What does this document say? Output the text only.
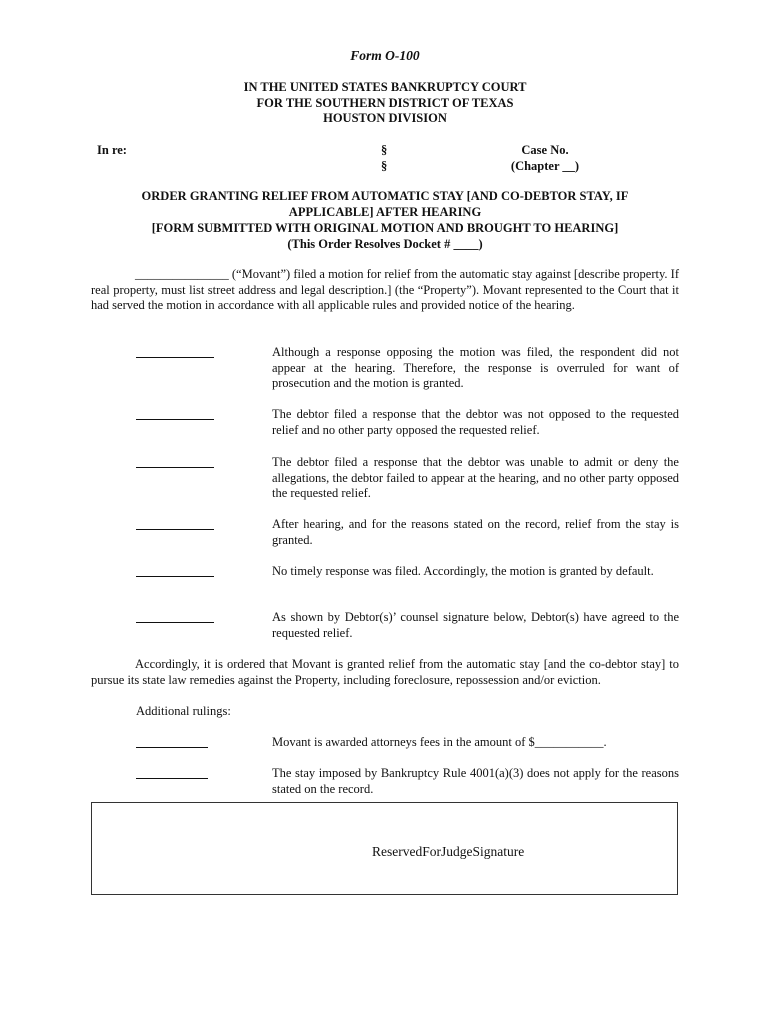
Form O-100
IN THE UNITED STATES BANKRUPTCY COURT
FOR THE SOUTHERN DISTRICT OF TEXAS
HOUSTON DIVISION
In re:	§
§
Case No.
(Chapter __)
ORDER GRANTING RELIEF FROM AUTOMATIC STAY [AND CO-DEBTOR STAY, IF
APPLICABLE] AFTER HEARING
[FORM SUBMITTED WITH ORIGINAL MOTION AND BROUGHT TO HEARING]
(This Order Resolves Docket # ____)
_______________ (“Movant”) filed a motion for relief from the automatic stay against [describe property. If real property, must list street address and legal description.] (the “Property”). Movant represented to the Court that it had served the motion in accordance with all applicable rules and provided notice of the hearing.
Although a response opposing the motion was filed, the respondent did not appear at the hearing. Therefore, the response is overruled for want of prosecution and the motion is granted.
The debtor filed a response that the debtor was not opposed to the requested relief and no other party opposed the requested relief.
The debtor filed a response that the debtor was unable to admit or deny the allegations, the debtor failed to appear at the hearing, and no other party opposed the requested relief.
After hearing, and for the reasons stated on the record, relief from the stay is granted.
No timely response was filed. Accordingly, the motion is granted by default.
As shown by Debtor(s)’ counsel signature below, Debtor(s) have agreed to the requested relief.
Accordingly, it is ordered that Movant is granted relief from the automatic stay [and the co-debtor stay] to pursue its state law remedies against the Property, including foreclosure, repossession and/or eviction.
Additional rulings:
Movant is awarded attorneys fees in the amount of $___________.
The stay imposed by Bankruptcy Rule 4001(a)(3) does not apply for the reasons stated on the record.
ReservedForJudgeSignature
